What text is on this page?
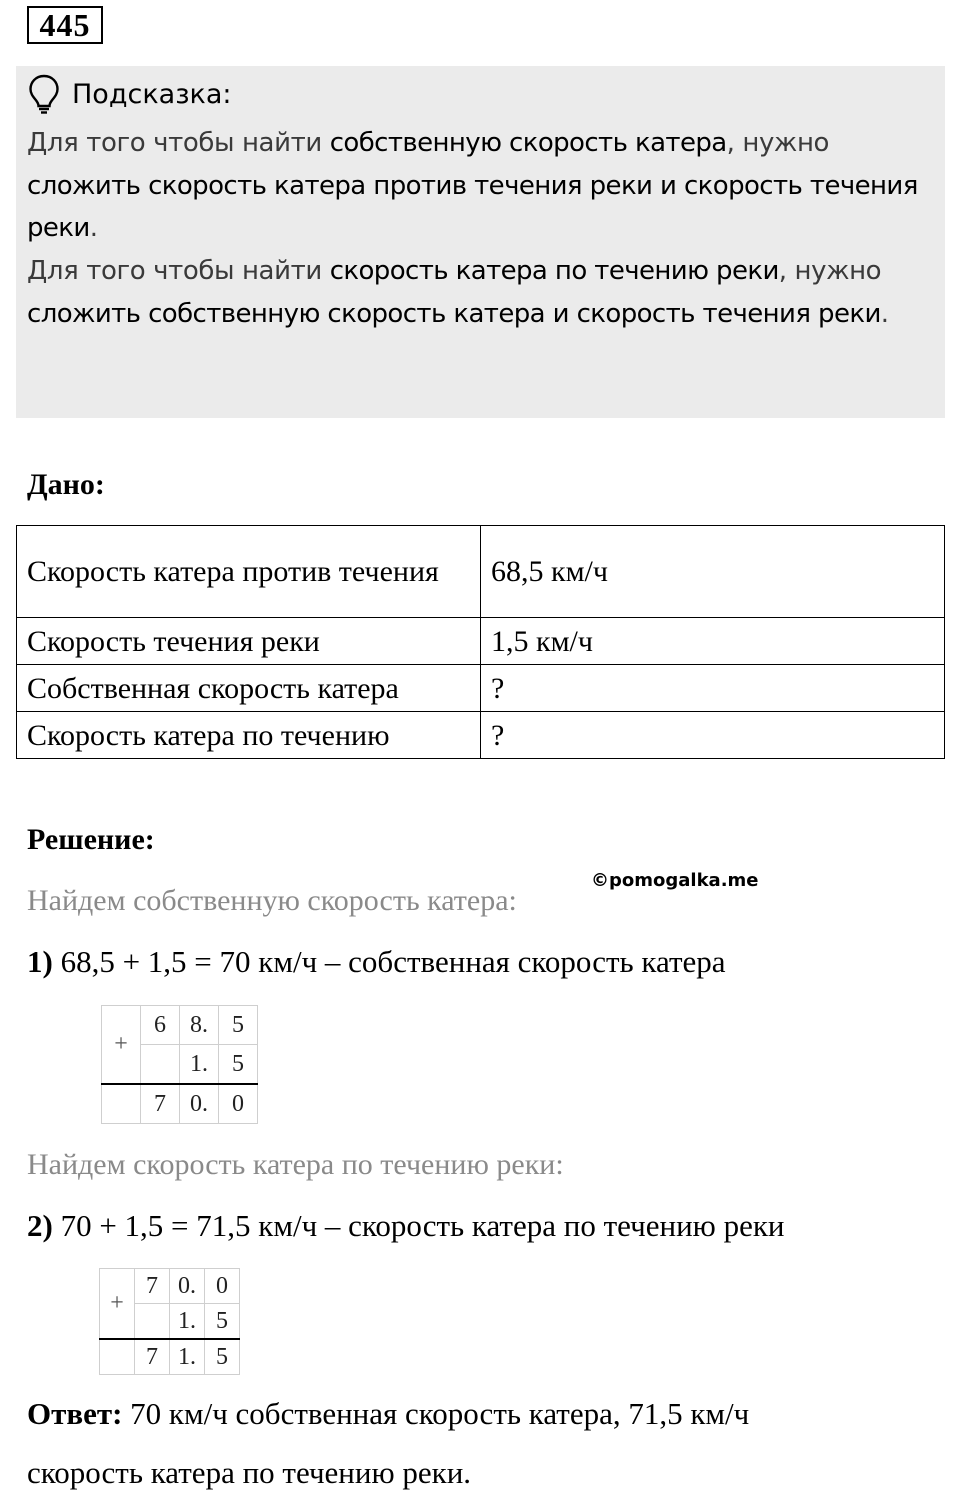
445
Подсказка:

Для того чтобы найти собственную скорость катера, нужно сложить скорость катера против течения реки и скорость течения реки.

Для того чтобы найти скорость катера по течению реки, нужно сложить собственную скорость катера и скорость течения реки.

Дано:
Скорость катера против течения	68,5 км/ч
Скорость течения реки	1,5 км/ч
Собственная скорость катера	?
Скорость катера по течению	?
Решение:
©pomogalka.me
Найдем собственную скорость катера:
1) 68,5 + 1,5 = 70 км/ч – собственная скорость катера
+	6	8.	5
		1.	5
	7	0.	0
Найдем скорость катера по течению реки:
2) 70 + 1,5 = 71,5 км/ч – скорость катера по течению реки
+	7	0.	0
		1.	5
	7	1.	5
Ответ: 70 км/ч собственная скорость катера, 71,5 км/ч
скорость катера по течению реки.
